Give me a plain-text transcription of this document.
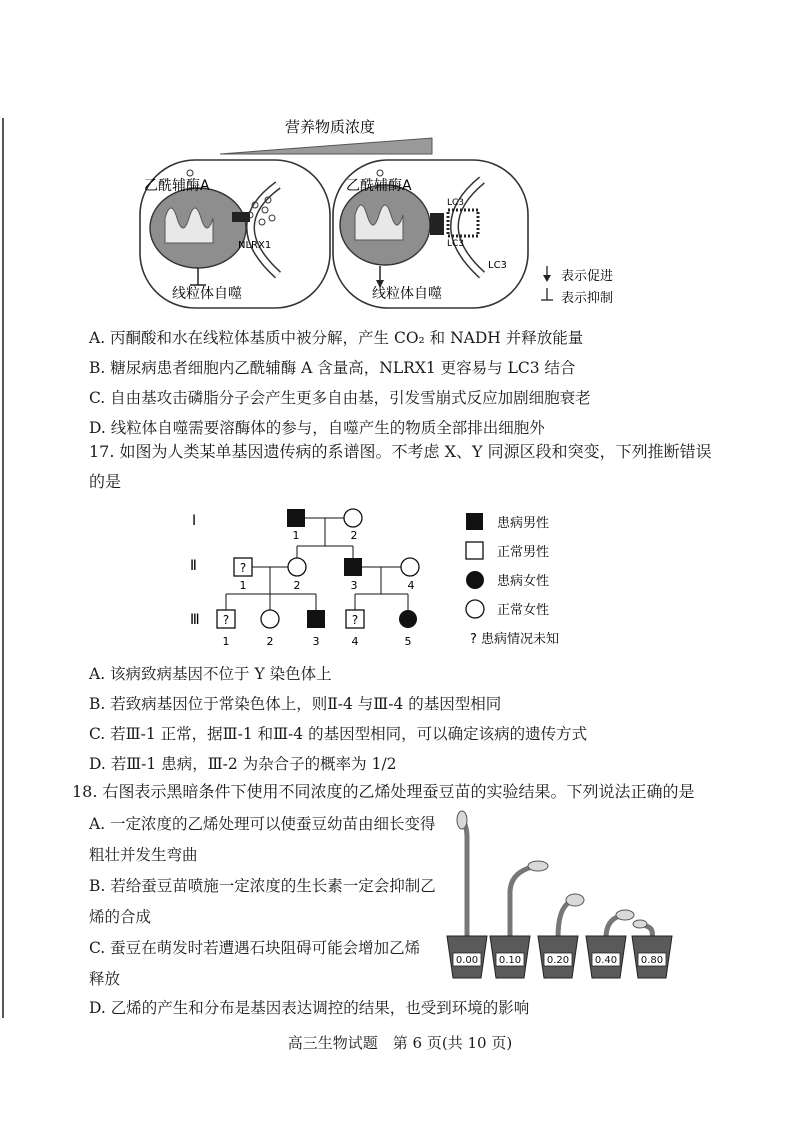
营养物质浓度
乙酰辅酶A
NLRX1
线粒体自噬
乙酰辅酶A
LC3
LC3
LC3
线粒体自噬
表示促进
表示抑制
A. 丙酮酸和水在线粒体基质中被分解，产生 CO₂ 和 NADH 并释放能量
B. 糖尿病患者细胞内乙酰辅酶 A 含量高，NLRX1 更容易与 LC3 结合
C. 自由基攻击磷脂分子会产生更多自由基，引发雪崩式反应加剧细胞衰老
D. 线粒体自噬需要溶酶体的参与，自噬产生的物质全部排出细胞外
17. 如图为人类某单基因遗传病的系谱图。不考虑 X、Y 同源区段和突变，下列推断错误
的是
Ⅰ
Ⅱ
Ⅲ
1	2
?
1	2	3	4
?	?
1	2	3	4	5
患病男性
正常男性
患病女性
正常女性
? 患病情况未知
A. 该病致病基因不位于 Y 染色体上
B. 若致病基因位于常染色体上，则Ⅱ-4 与Ⅲ-4 的基因型相同
C. 若Ⅲ-1 正常，据Ⅲ-1 和Ⅲ-4 的基因型相同，可以确定该病的遗传方式
D. 若Ⅲ-1 患病，Ⅲ-2 为杂合子的概率为 1/2
18. 右图表示黑暗条件下使用不同浓度的乙烯处理蚕豆苗的实验结果。下列说法正确的是
A. 一定浓度的乙烯处理可以使蚕豆幼苗由细长变得
粗壮并发生弯曲
B. 若给蚕豆苗喷施一定浓度的生长素一定会抑制乙
烯的合成
C. 蚕豆在萌发时若遭遇石块阻碍可能会增加乙烯
释放
D. 乙烯的产生和分布是基因表达调控的结果，也受到环境的影响
0.00 0.10	0.20	0.40 0.80
高三生物试题　第 6 页(共 10 页)
